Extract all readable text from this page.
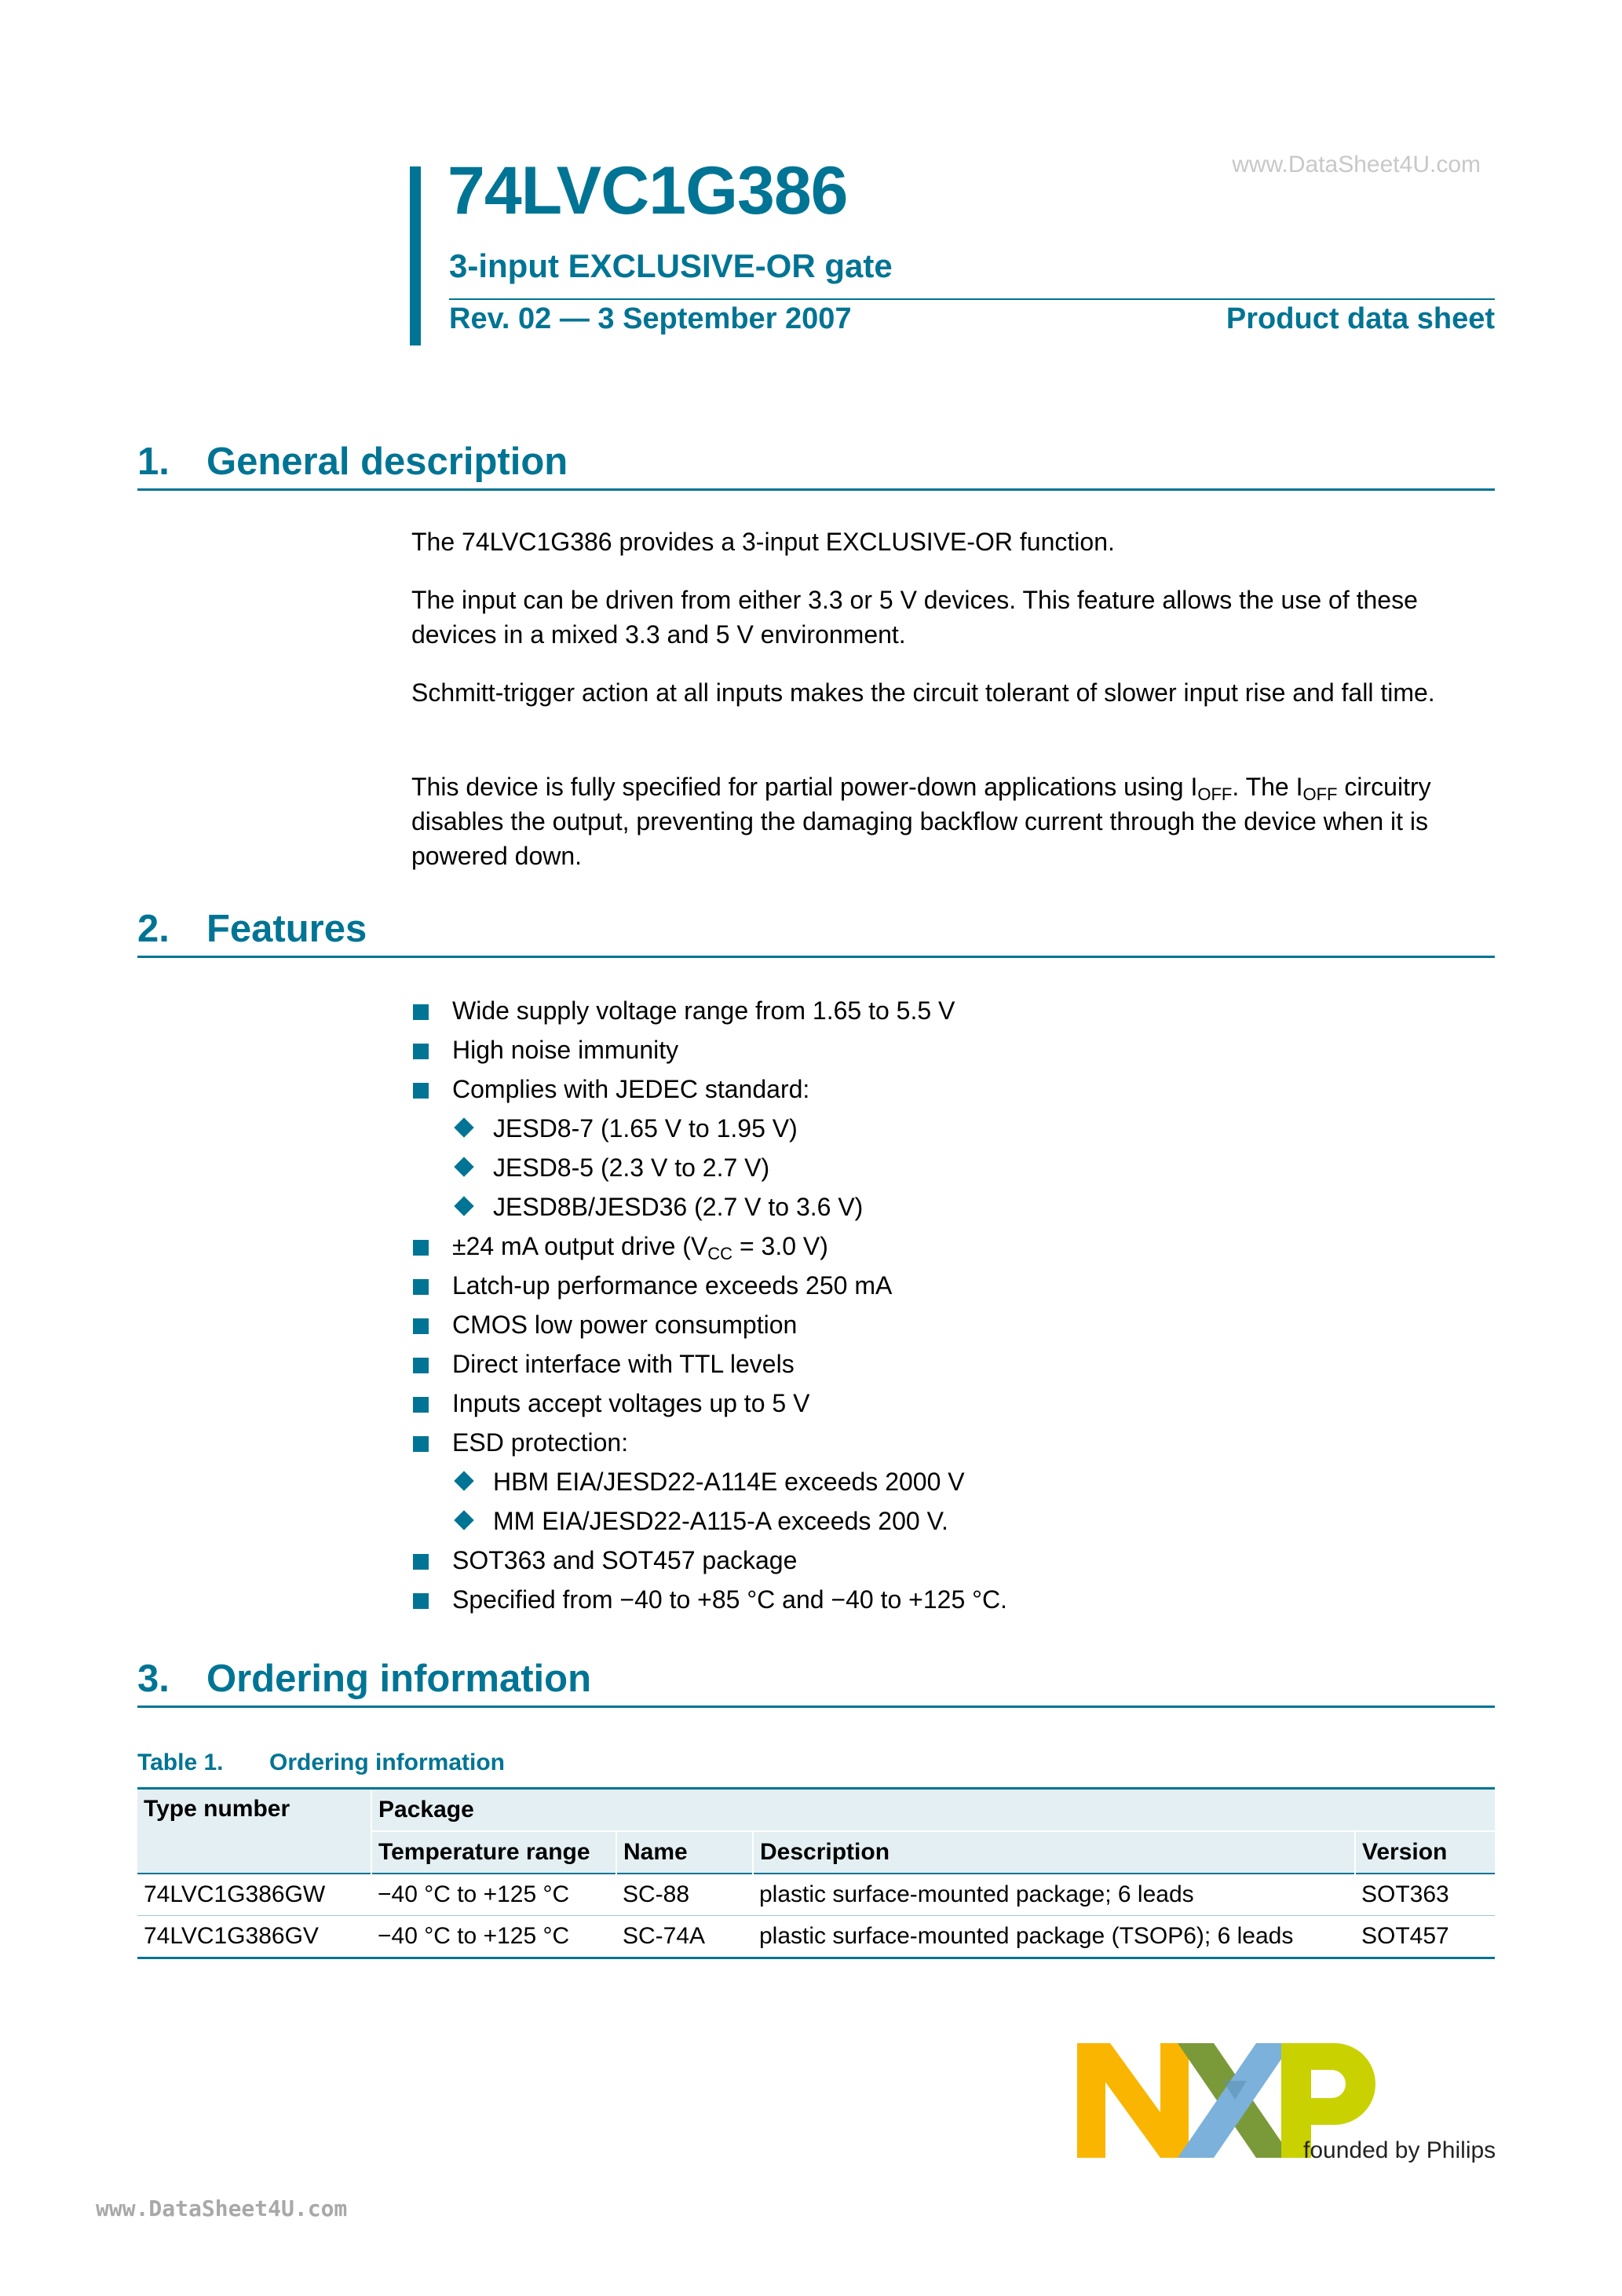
74LVC1G386
3-input EXCLUSIVE-OR gate
Rev. 02 — 3 September 2007	Product data sheet
www.DataSheet4U.com
1. General description
The 74LVC1G386 provides a 3-input EXCLUSIVE-OR function.
The input can be driven from either 3.3 or 5 V devices. This feature allows the use of these devices in a mixed 3.3 and 5 V environment.
Schmitt-trigger action at all inputs makes the circuit tolerant of slower input rise and fall time.
This device is fully specified for partial power-down applications using $I_{OFF}$. The $I_{OFF}$ circuitry disables the output, preventing the damaging backflow current through the device when it is powered down.
2. Features
Wide supply voltage range from 1.65 to 5.5 V
High noise immunity
Complies with JEDEC standard:
JESD8-7 (1.65 V to 1.95 V)
JESD8-5 (2.3 V to 2.7 V)
JESD8B/JESD36 (2.7 V to 3.6 V)
±24 mA output drive ($V_{CC} = 3.0$ V)
Latch-up performance exceeds 250 mA
CMOS low power consumption
Direct interface with TTL levels
Inputs accept voltages up to 5 V
ESD protection:
HBM EIA/JESD22-A114E exceeds 2000 V
MM EIA/JESD22-A115-A exceeds 200 V.
SOT363 and SOT457 package
Specified from −40 to +85 °C and −40 to +125 °C.
3. Ordering information
Table 1. Ordering information
Type number	Package			
	Temperature range	Name	Description	Version
74LVC1G386GW	−40 °C to +125 °C	SC-88	plastic surface-mounted package; 6 leads	SOT363
74LVC1G386GV	−40 °C to +125 °C	SC-74A	plastic surface-mounted package (TSOP6); 6 leads	SOT457
founded by Philips
www.DataSheet4U.com
